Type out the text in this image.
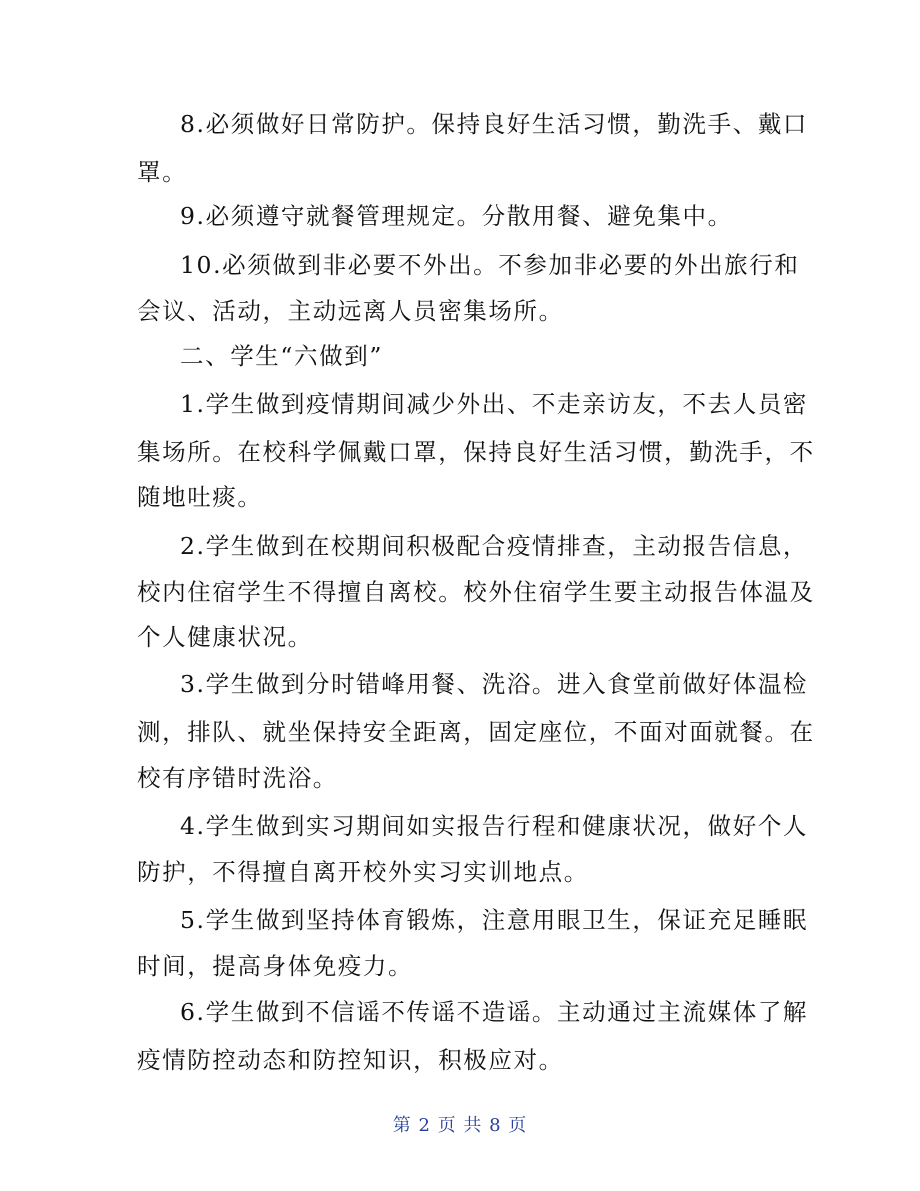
8.必须做好日常防护。保持良好生活习惯，勤洗手、戴口
罩。
9.必须遵守就餐管理规定。分散用餐、避免集中。
10.必须做到非必要不外出。不参加非必要的外出旅行和
会议、活动，主动远离人员密集场所。
二、学生“六做到”
1.学生做到疫情期间减少外出、不走亲访友，不去人员密
集场所。在校科学佩戴口罩，保持良好生活习惯，勤洗手，不
随地吐痰。
2.学生做到在校期间积极配合疫情排查，主动报告信息，
校内住宿学生不得擅自离校。校外住宿学生要主动报告体温及
个人健康状况。
3.学生做到分时错峰用餐、洗浴。进入食堂前做好体温检
测，排队、就坐保持安全距离，固定座位，不面对面就餐。在
校有序错时洗浴。
4.学生做到实习期间如实报告行程和健康状况，做好个人
防护，不得擅自离开校外实习实训地点。
5.学生做到坚持体育锻炼，注意用眼卫生，保证充足睡眠
时间，提高身体免疫力。
6.学生做到不信谣不传谣不造谣。主动通过主流媒体了解
疫情防控动态和防控知识，积极应对。
第 2 页 共 8 页
